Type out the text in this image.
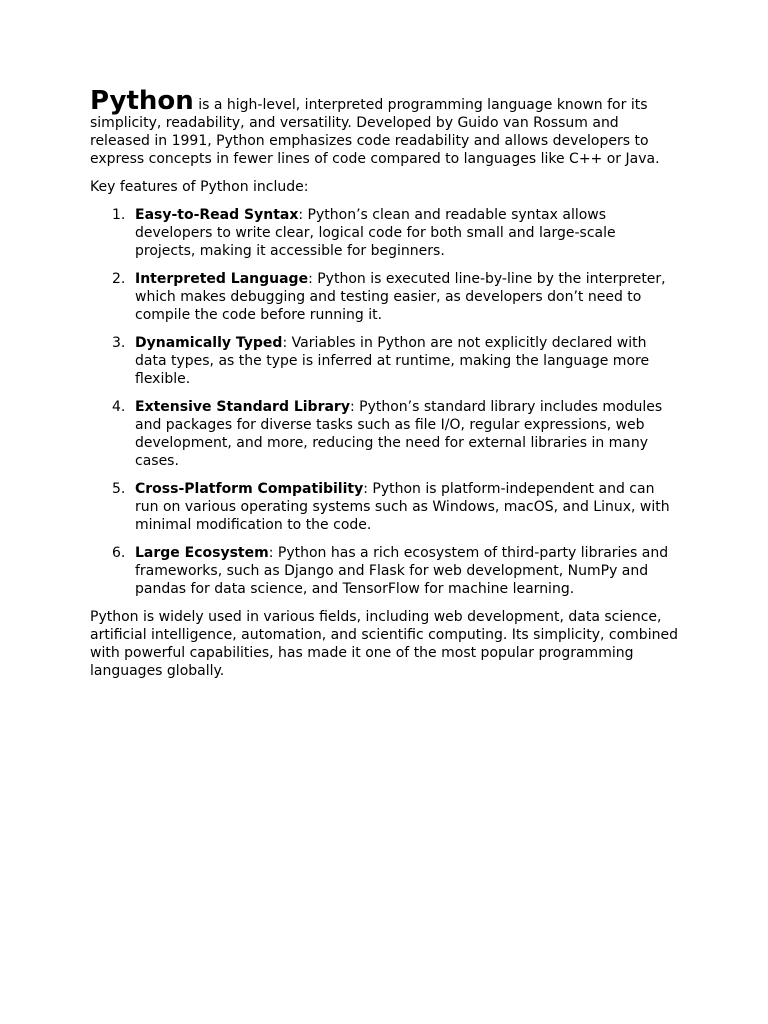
Python is a high-level, interpreted programming language known for its simplicity, readability, and versatility. Developed by Guido van Rossum and released in 1991, Python emphasizes code readability and allows developers to express concepts in fewer lines of code compared to languages like C++ or Java.

Key features of Python include:

1. Easy-to-Read Syntax: Python’s clean and readable syntax allows developers to write clear, logical code for both small and large-scale projects, making it accessible for beginners.
2. Interpreted Language: Python is executed line-by-line by the interpreter, which makes debugging and testing easier, as developers don’t need to compile the code before running it.
3. Dynamically Typed: Variables in Python are not explicitly declared with data types, as the type is inferred at runtime, making the language more flexible.
4. Extensive Standard Library: Python’s standard library includes modules and packages for diverse tasks such as file I/O, regular expressions, web development, and more, reducing the need for external libraries in many cases.
5. Cross-Platform Compatibility: Python is platform-independent and can run on various operating systems such as Windows, macOS, and Linux, with minimal modification to the code.
6. Large Ecosystem: Python has a rich ecosystem of third-party libraries and frameworks, such as Django and Flask for web development, NumPy and pandas for data science, and TensorFlow for machine learning.

Python is widely used in various fields, including web development, data science, artificial intelligence, automation, and scientific computing. Its simplicity, combined with powerful capabilities, has made it one of the most popular programming languages globally.
